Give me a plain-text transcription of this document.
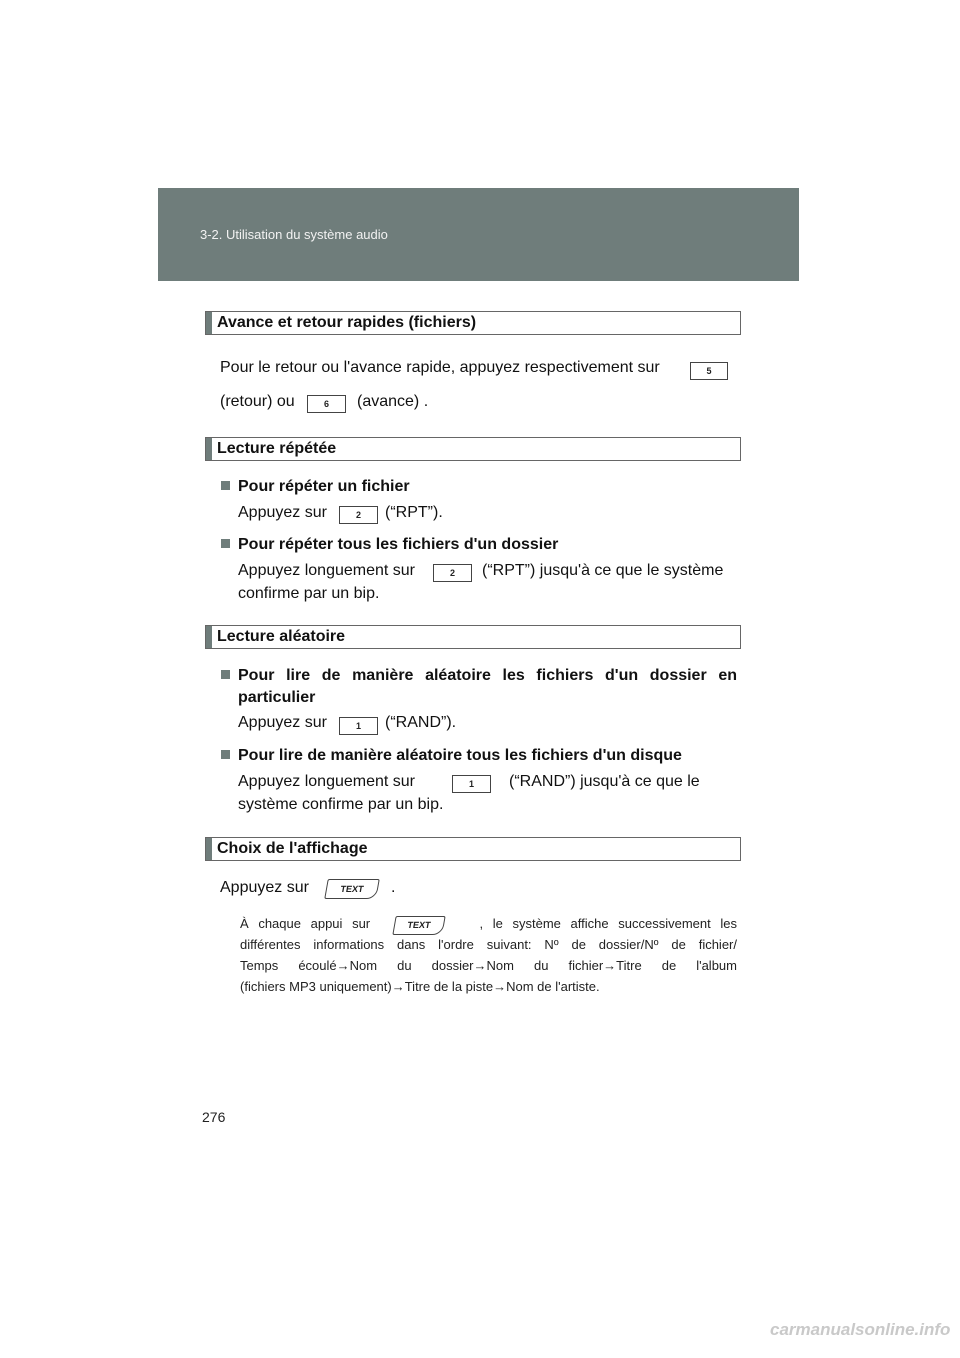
3-2. Utilisation du système audio
Avance et retour rapides (fichiers)
Pour le retour ou l'avance rapide, appuyez respectivement sur	5
(retour) ou	6	(avance) .
Lecture répétée
Pour répéter un fichier
Appuyez sur	2	(“RPT”).
Pour répéter tous les fichiers d'un dossier
Appuyez longuement sur	2	(“RPT”) jusqu'à ce que le système
confirme par un bip.
Lecture aléatoire
Pour lire de manière aléatoire les fichiers d'un dossier en
particulier
Appuyez sur	1	(“RAND”).
Pour lire de manière aléatoire tous les fichiers d'un disque
Appuyez longuement sur	1	(“RAND”) jusqu'à ce que le
système confirme par un bip.
Choix de l'affichage
Appuyez sur	TEXT	.

À chaque appui sur	, le système affiche successivement les

différentes informations dans l'ordre suivant: Nº de dossier/Nº de fichier/

Temps écoulé→Nom du dossier→Nom du fichier→Titre de l'album

(fichiers MP3 uniquement)→Titre de la piste→Nom de l'artiste.

TEXT
276
carmanualsonline.info
